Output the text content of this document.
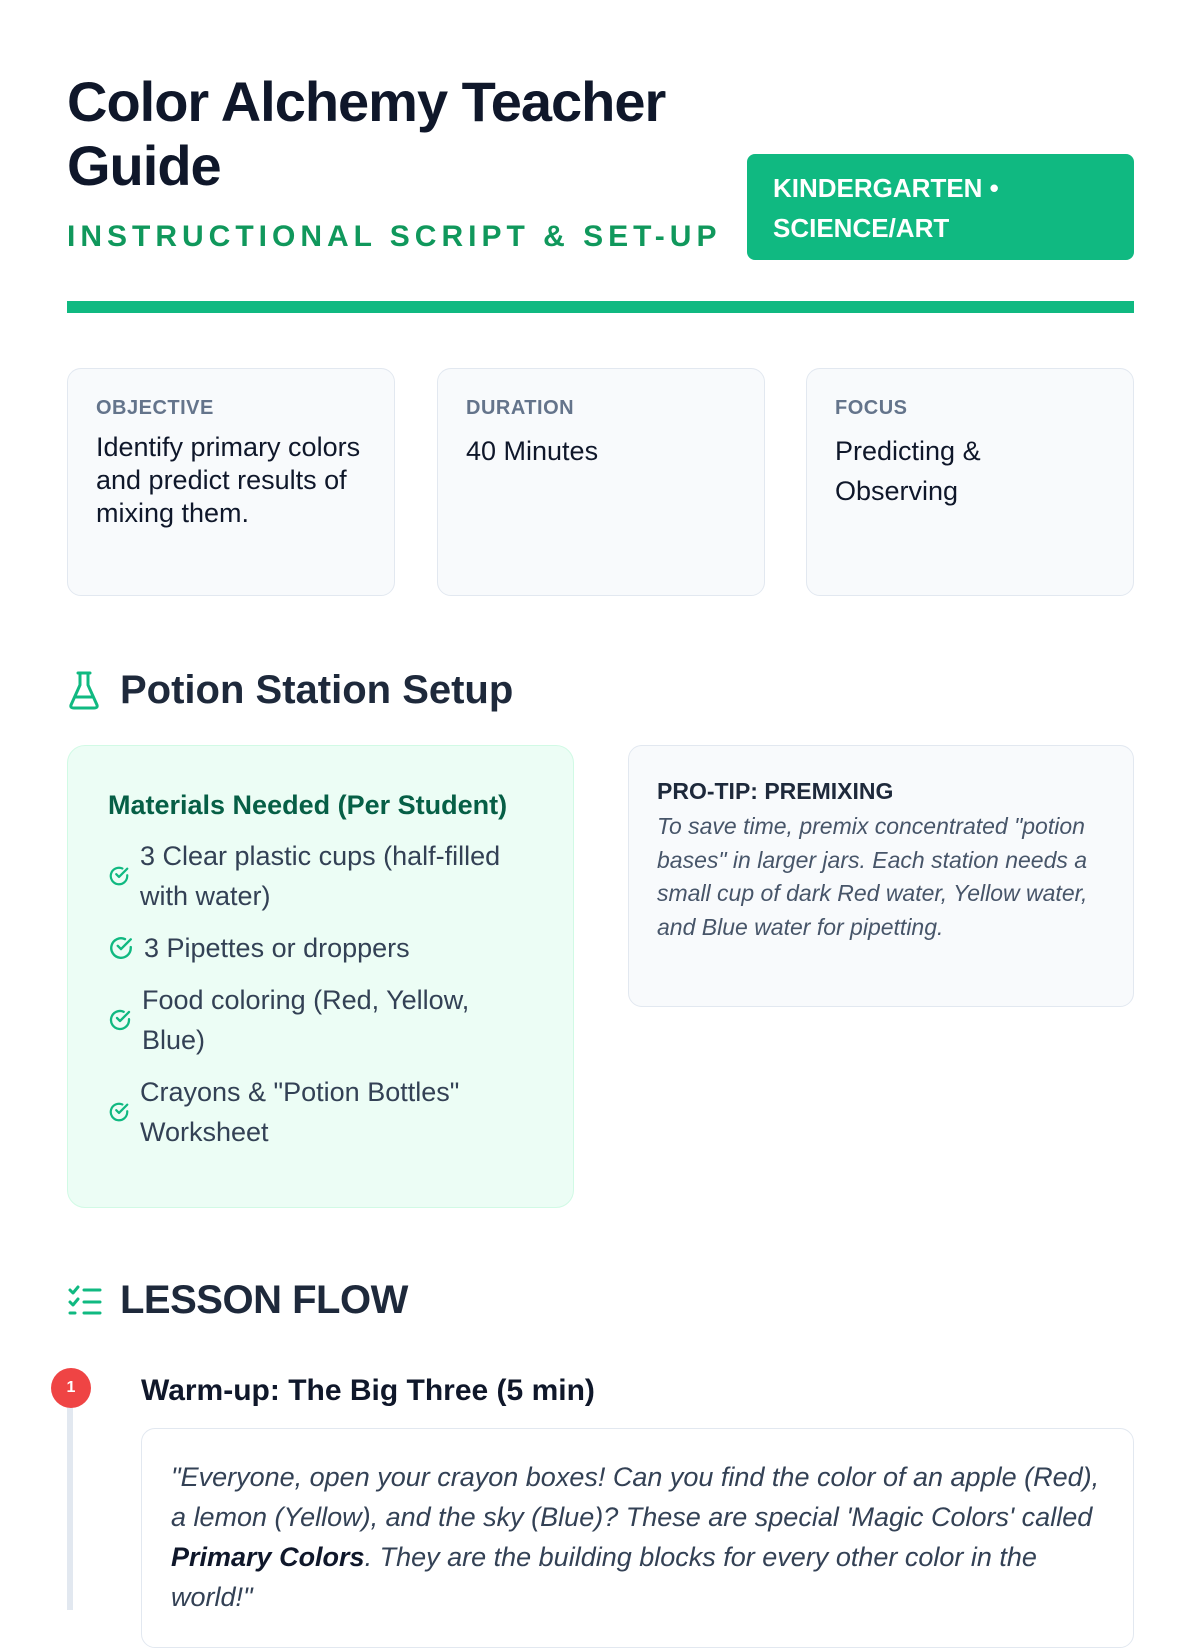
Color Alchemy Teacher Guide
INSTRUCTIONAL SCRIPT & SET-UP
KINDERGARTEN • SCIENCE/ART
OBJECTIVE
Identify primary colors and predict results of mixing them.
DURATION
40 Minutes
FOCUS
Predicting & Observing
Potion Station Setup
Materials Needed (Per Student)
3 Clear plastic cups (half-filled with water)
3 Pipettes or droppers
Food coloring (Red, Yellow, Blue)
Crayons & "Potion Bottles" Worksheet
PRO-TIP: PREMIXING
To save time, premix concentrated "potion bases" in larger jars. Each station needs a small cup of dark Red water, Yellow water, and Blue water for pipetting.
LESSON FLOW
1	Warm-up: The Big Three (5 min)

"Everyone, open your crayon boxes! Can you find the color of an apple (Red), a lemon (Yellow), and the sky (Blue)? These are special 'Magic Colors' called Primary Colors. They are the building blocks for every other color in the world!"
